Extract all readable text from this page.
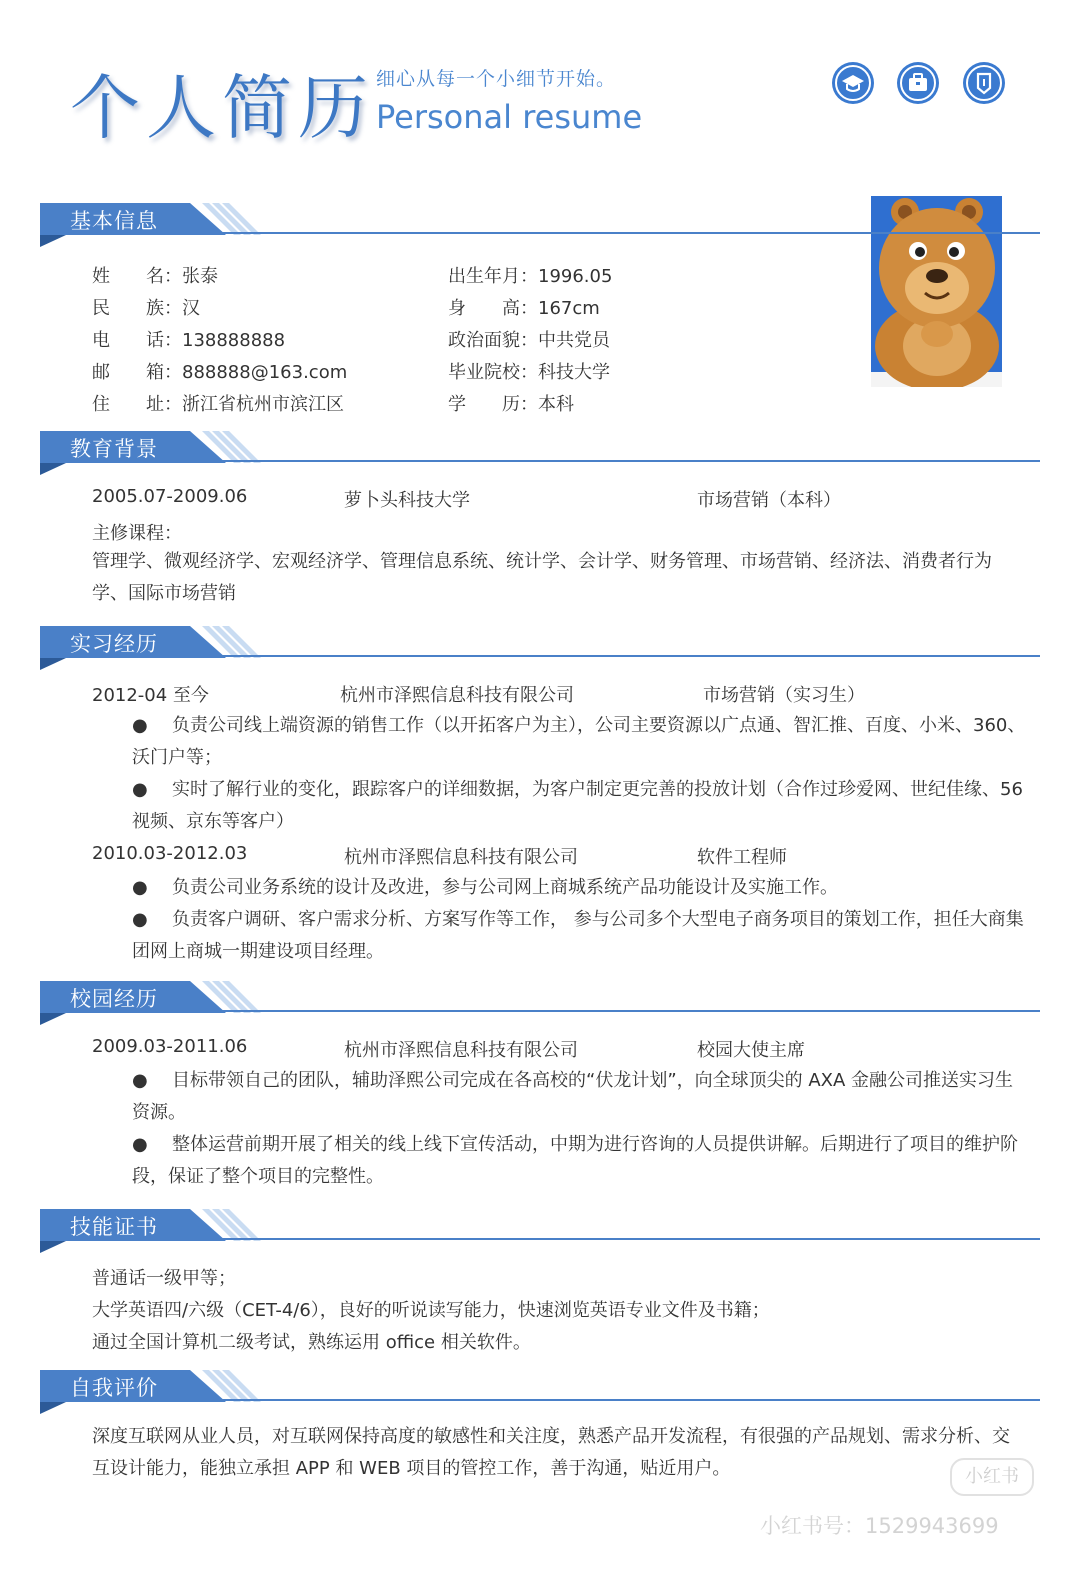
个人简历 细心从每一个小细节开始。
Personal resume
基本信息
姓　　名：张泰
民　　族：汉
电　　话：138888888
邮　　箱：888888@163.com
住　　址：浙江省杭州市滨江区
出生年月：1996.05
身　　高：167cm
政治面貌：中共党员
毕业院校：科技大学
学　　历：本科
教育背景
2005.07-2009.06	萝卜头科技大学	市场营销（本科）
主修课程：
管理学、微观经济学、宏观经济学、管理信息系统、统计学、会计学、财务管理、市场营销、经济法、消费者行为学、国际市场营销
实习经历
2012-04 至今	杭州市泽熙信息科技有限公司	市场营销（实习生）
● 负责公司线上端资源的销售工作（以开拓客户为主），公司主要资源以广点通、智汇推、百度、小米、360、沃门户等；
● 实时了解行业的变化，跟踪客户的详细数据，为客户制定更完善的投放计划（合作过珍爱网、世纪佳缘、56 视频、京东等客户）
2010.03-2012.03	杭州市泽熙信息科技有限公司	软件工程师
● 负责公司业务系统的设计及改进，参与公司网上商城系统产品功能设计及实施工作。
● 负责客户调研、客户需求分析、方案写作等工作， 参与公司多个大型电子商务项目的策划工作，担任大商集团网上商城一期建设项目经理。
校园经历
2009.03-2011.06	杭州市泽熙信息科技有限公司	校园大使主席
● 目标带领自己的团队，辅助泽熙公司完成在各高校的“伏龙计划”，向全球顶尖的 AXA 金融公司推送实习生资源。
● 整体运营前期开展了相关的线上线下宣传活动，中期为进行咨询的人员提供讲解。后期进行了项目的维护阶段，保证了整个项目的完整性。
技能证书
普通话一级甲等；
大学英语四/六级（CET-4/6），良好的听说读写能力，快速浏览英语专业文件及书籍；
通过全国计算机二级考试，熟练运用 office 相关软件。
自我评价
深度互联网从业人员，对互联网保持高度的敏感性和关注度，熟悉产品开发流程，有很强的产品规划、需求分析、交互设计能力，能独立承担 APP 和 WEB 项目的管控工作，善于沟通，贴近用户。	小红书
小红书号：1529943699
